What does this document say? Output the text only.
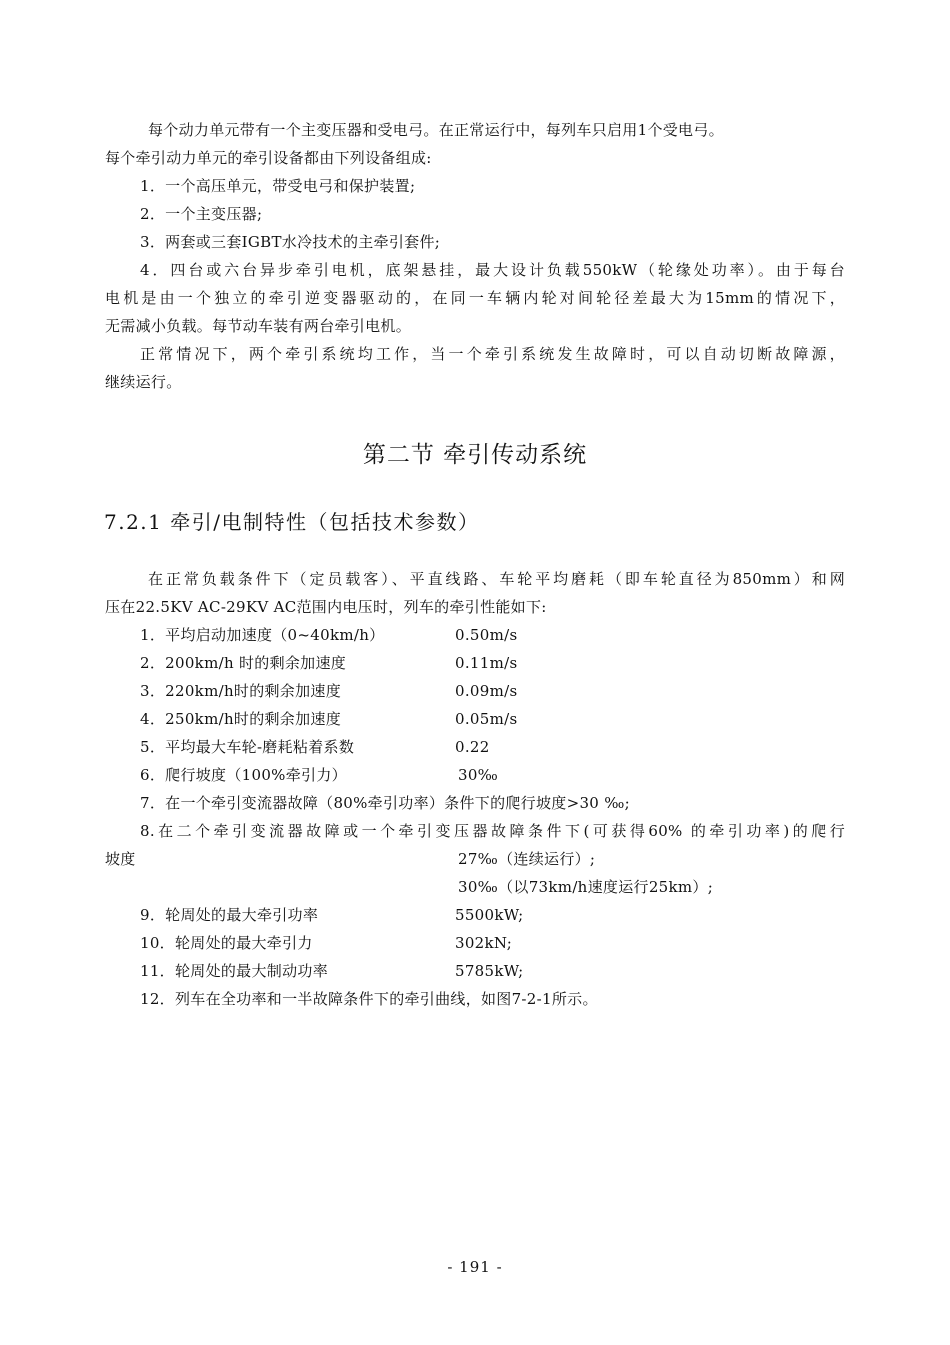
每个动力单元带有一个主变压器和受电弓。在正常运行中，每列车只启用1个受电弓。
每个牵引动力单元的牵引设备都由下列设备组成:
1．一个高压单元，带受电弓和保护装置;
2．一个主变压器;
3．两套或三套IGBT水冷技术的主牵引套件;
4．四台或六台异步牵引电机，底架悬挂，最大设计负载550kW（轮缘处功率）。由于每台
电机是由一个独立的牵引逆变器驱动的，在同一车辆内轮对间轮径差最大为15mm的情况下，
无需减小负载。每节动车装有两台牵引电机。
正常情况下，两个牵引系统均工作，当一个牵引系统发生故障时，可以自动切断故障源，
继续运行。
第二节 牵引传动系统
7.2.1 牵引/电制特性（包括技术参数）
在正常负载条件下（定员载客）、平直线路、车轮平均磨耗（即车轮直径为850mm）和网
压在22.5KV AC-29KV AC范围内电压时，列车的牵引性能如下:
1．平均启动加速度（0~40km/h）	0.50m/s
2．200km/h 时的剩余加速度	0.11m/s
3．220km/h时的剩余加速度	0.09m/s
4．250km/h时的剩余加速度	0.05m/s
5．平均最大车轮-磨耗粘着系数	0.22
6．爬行坡度（100%牵引力）	30‰
7．在一个牵引变流器故障（80%牵引功率）条件下的爬行坡度>30 ‰;
8.在二个牵引变流器故障或一个牵引变压器故障条件下(可获得60% 的牵引功率)的爬行
坡度	27‰（连续运行）;
30‰（以73km/h速度运行25km）;
9．轮周处的最大牵引功率	5500kW;
10．轮周处的最大牵引力	302kN;
11．轮周处的最大制动功率	5785kW;
12．列车在全功率和一半故障条件下的牵引曲线，如图7-2-1所示。
- 191 -
